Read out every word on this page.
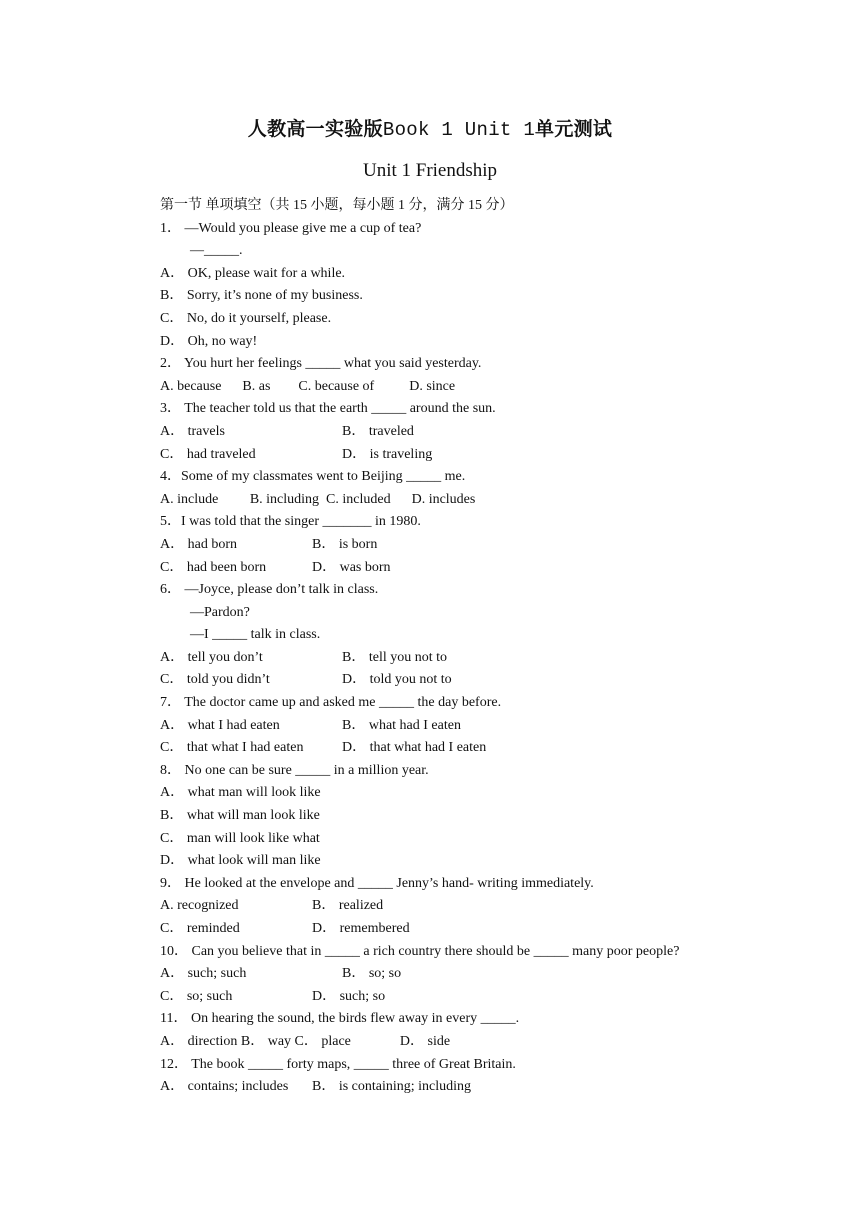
人教高一实验版Book 1 Unit 1单元测试
Unit 1 Friendship
第一节 单项填空（共 15 小题，每小题 1 分，满分 15 分）
1． —Would you please give me a cup of tea?
—_____.
A． OK, please wait for a while.
B． Sorry, it’s none of my business.
C． No, do it yourself, please.
D． Oh, no way!
2． You hurt her feelings _____ what you said yesterday.
A. because      B. as        C. because of          D. since
3． The teacher told us that the earth _____ around the sun.
A． travels	B． traveled
C． had traveled	D． is traveling
4．Some of my classmates went to Beijing _____ me.
A. include         B. including  C. included      D. includes
5．I was told that the singer _______ in 1980.
A． had born	B． is born
C． had been born	D． was born
6． —Joyce, please don’t talk in class.
—Pardon?
—I _____ talk in class.
A． tell you don’t	B． tell you not to
C． told you didn’t	D． told you not to
7． The doctor came up and asked me _____ the day before.
A． what I had eaten	B． what had I eaten
C． that what I had eaten	D． that what had I eaten
8． No one can be sure _____ in a million year.
A． what man will look like
B． what will man look like
C． man will look like what
D． what look will man like
9． He looked at the envelope and _____ Jenny’s hand- writing immediately.
A. recognized	B． realized
C． reminded	D． remembered
10． Can you believe that in _____ a rich country there should be _____ many poor people?
A． such; such	B． so; so
C． so; such	D． such; so
11． On hearing the sound, the birds flew away in every _____.
A． direction B． way C． place              D． side
12． The book _____ forty maps, _____ three of Great Britain.
A． contains; includes B． is containing; including
